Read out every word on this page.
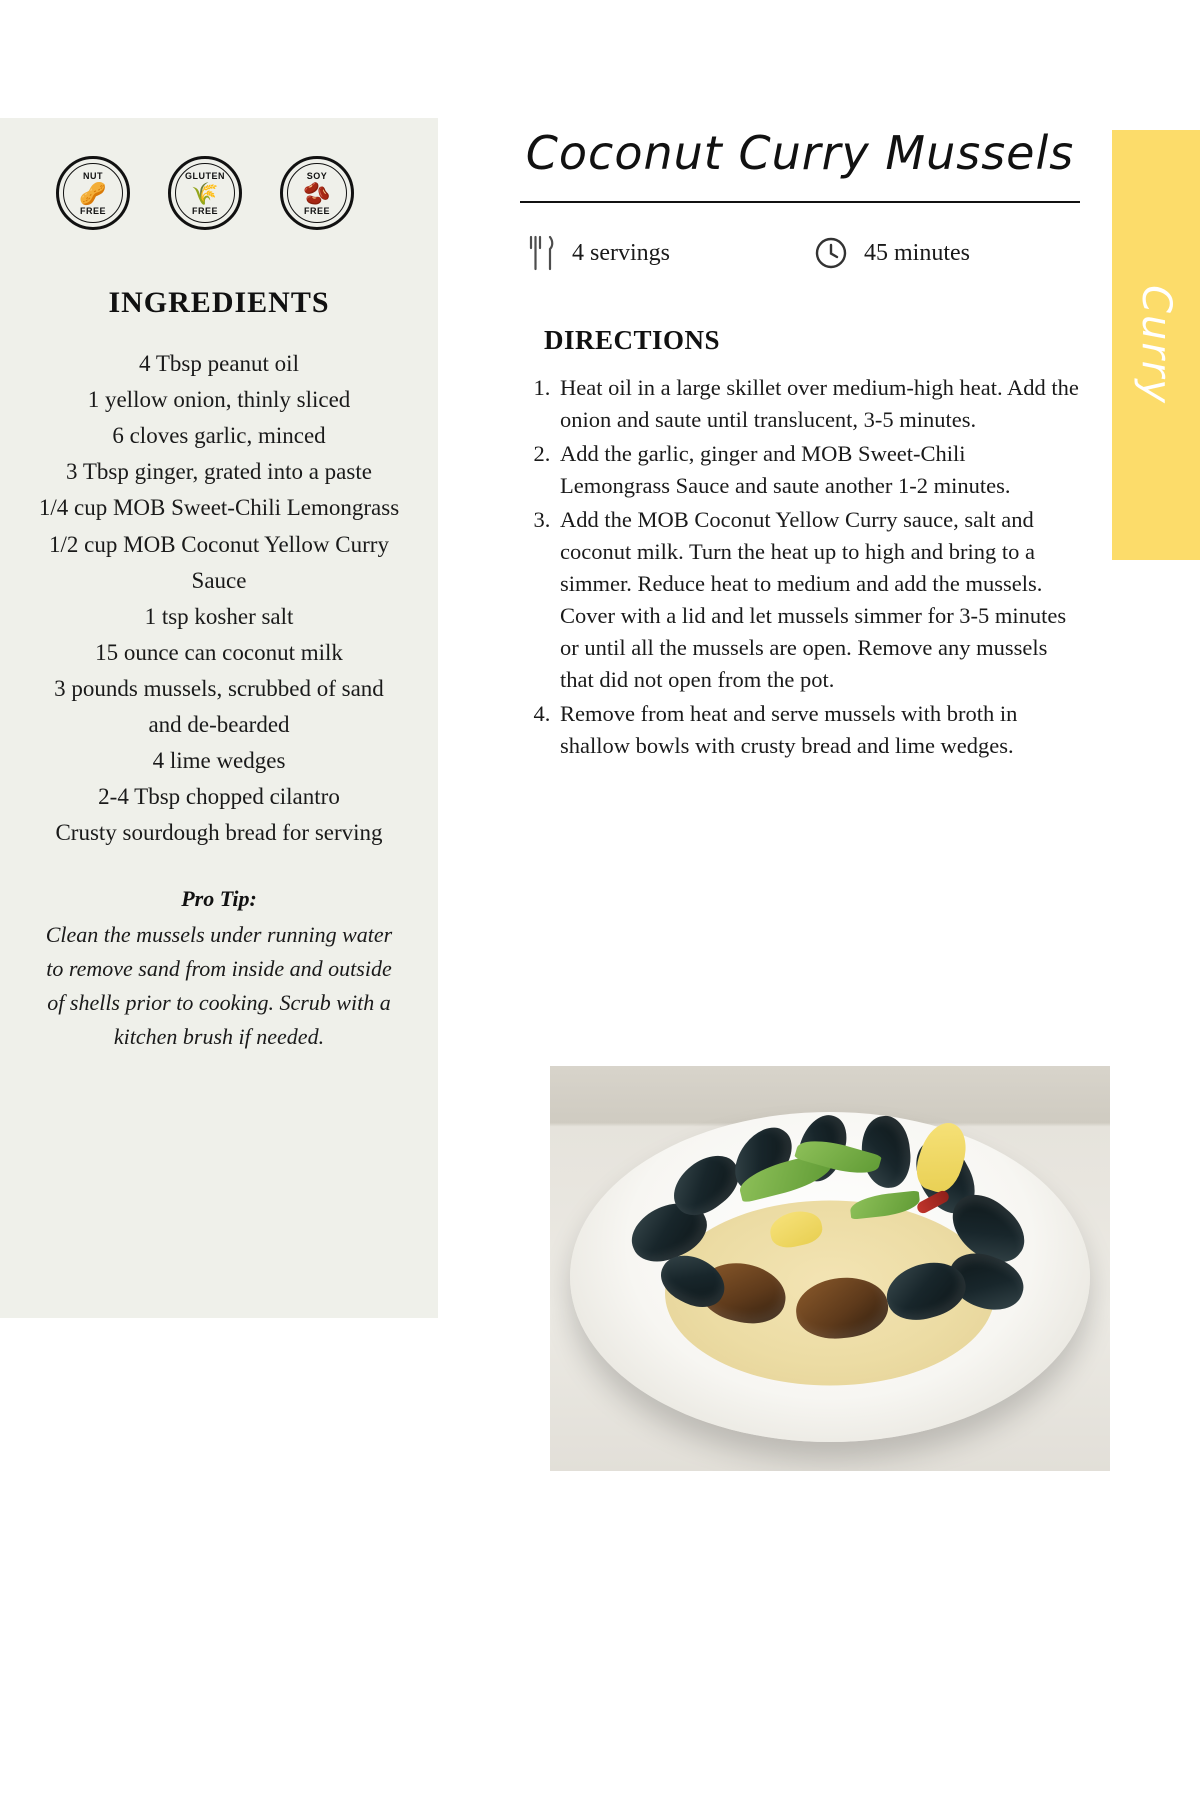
NUT
🥜
FREE
GLUTEN
🌾
FREE
SOY
🫘
FREE
INGREDIENTS
4 Tbsp peanut oil
1 yellow onion, thinly sliced
6 cloves garlic, minced
3 Tbsp ginger, grated into a paste
1/4 cup MOB Sweet-Chili Lemongrass
1/2 cup MOB Coconut Yellow Curry Sauce
1 tsp kosher salt
15 ounce can coconut milk
3 pounds mussels, scrubbed of sand and de-bearded
4 lime wedges
2-4 Tbsp chopped cilantro
Crusty sourdough bread for serving
Pro Tip:

Clean the mussels under running water to remove sand from inside and outside of shells prior to cooking. Scrub with a kitchen brush if needed.

Coconut Curry Mussels
4 servings	45 minutes
DIRECTIONS
1. Heat oil in a large skillet over medium-high heat. Add the onion and saute until translucent, 3-5 minutes.
2. Add the garlic, ginger and MOB Sweet-Chili Lemongrass Sauce and saute another 1-2 minutes.
3. Add the MOB Coconut Yellow Curry sauce, salt and coconut milk. Turn the heat up to high and bring to a simmer. Reduce heat to medium and add the mussels. Cover with a lid and let mussels simmer for 3-5 minutes or until all the mussels are open. Remove any mussels that did not open from the pot.
4. Remove from heat and serve mussels with broth in shallow bowls with crusty bread and lime wedges.
Curry
